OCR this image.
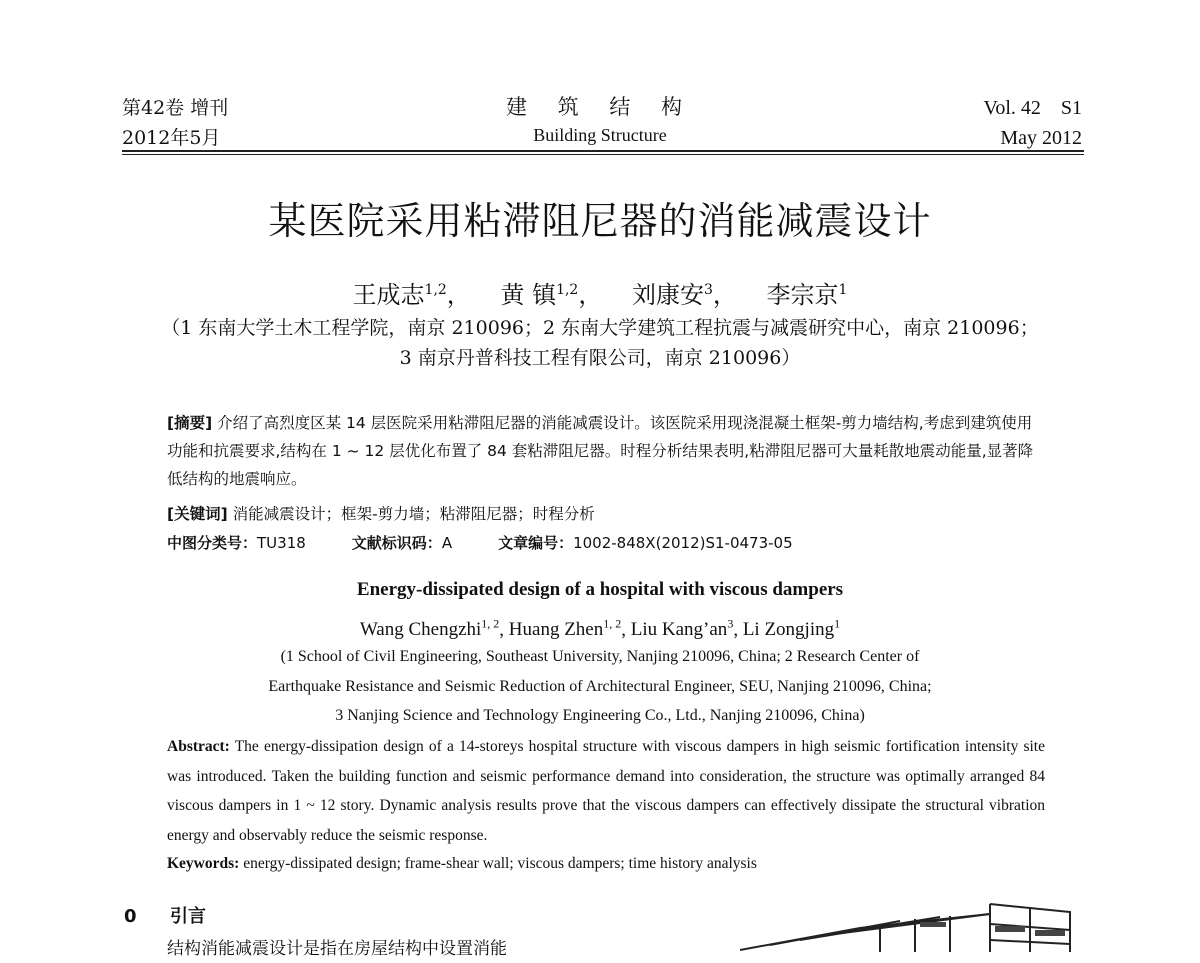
第42卷 增刊
2012年5月
建 筑 结 构
Building Structure
Vol. 42    S1
May 2012
某医院采用粘滞阻尼器的消能减震设计
王成志$^{1,2}$， 黄 镇$^{1,2}$， 刘康安$^3$， 李宗京$^1$
（1 东南大学土木工程学院，南京 210096；2 东南大学建筑工程抗震与减震研究中心，南京 210096；
3 南京丹普科技工程有限公司，南京 210096）
[摘要] 介绍了高烈度区某 14 层医院采用粘滞阻尼器的消能减震设计。该医院采用现浇混凝土框架-剪力墙结构,考虑到建筑使用功能和抗震要求,结构在 1 ~ 12 层优化布置了 84 套粘滞阻尼器。时程分析结果表明,粘滞阻尼器可大量耗散地震动能量,显著降低结构的地震响应。
[关键词] 消能减震设计；框架-剪力墙；粘滞阻尼器；时程分析
中图分类号：TU318	文献标识码：A	文章编号：1002-848X(2012)S1-0473-05
Energy-dissipated design of a hospital with viscous dampers
Wang Chengzhi$^{1, 2}$, Huang Zhen$^{1, 2}$, Liu $Kang’an^3$, Li Zongjing$^1$
(1 School of Civil Engineering, Southeast University, Nanjing 210096, China; 2 Research Center of
Earthquake Resistance and Seismic Reduction of Architectural Engineer, SEU, Nanjing 210096, China;
3 Nanjing Science and Technology Engineering Co., Ltd., Nanjing 210096, China)
Abstract: The energy-dissipation design of a 14-storeys hospital structure with viscous dampers in high seismic fortification intensity site was introduced. Taken the building function and seismic performance demand into consideration, the structure was optimally arranged 84 viscous dampers in 1 ~ 12 story. Dynamic analysis results prove that the viscous dampers can effectively dissipate the structural vibration energy and observably reduce the seismic response.
Keywords: energy-dissipated design; frame-shear wall; viscous dampers; time history analysis
0 引言
结构消能减震设计是指在房屋结构中设置消能
